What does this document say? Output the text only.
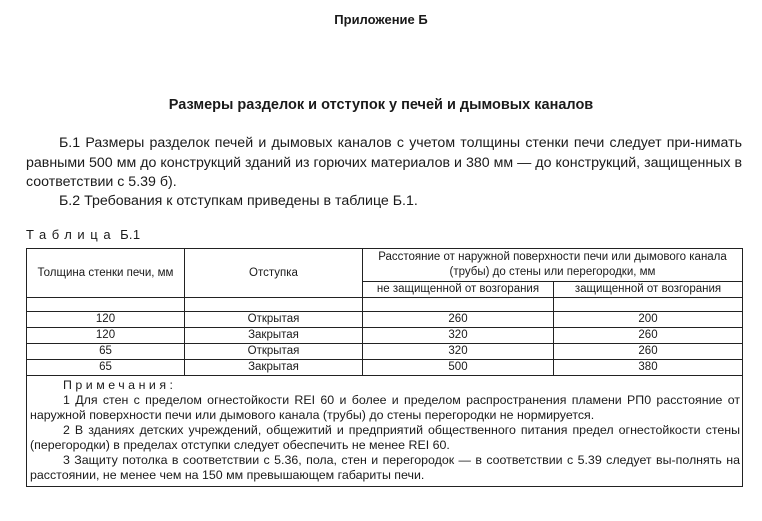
Приложение Б
Размеры разделок и отступок у печей и дымовых каналов
Б.1 Размеры разделок печей и дымовых каналов с учетом толщины стенки печи следует при-нимать равными 500 мм до конструкций зданий из горючих материалов и 380 мм — до конструкций, защищенных в соответствии с 5.39 б).
Б.2 Требования к отступкам приведены в таблице Б.1.
Таблица Б.1
Толщина стенки печи, мм	Отступка	Расстояние от наружной поверхности печи или дымового канала (трубы) до стены или перегородки, мм	
		не защищенной от возгорания	защищенной от возгорания

120	Открытая	260	200
120	Закрытая	320	260
65	Открытая	320	260
65	Закрытая	500	380

Примечания:
1 Для стен с пределом огнестойкости REI 60 и более и пределом распространения пламени РП0 расстояние от наружной поверхности печи или дымового канала (трубы) до стены перегородки не нормируется.
2 В зданиях детских учреждений, общежитий и предприятий общественного питания предел огнестойкости стены (перегородки) в пределах отступки следует обеспечить не менее REI 60.
3 Защиту потолка в соответствии с 5.36, пола, стен и перегородок — в соответствии с 5.39 следует вы-полнять на расстоянии, не менее чем на 150 мм превышающем габариты печи.			
